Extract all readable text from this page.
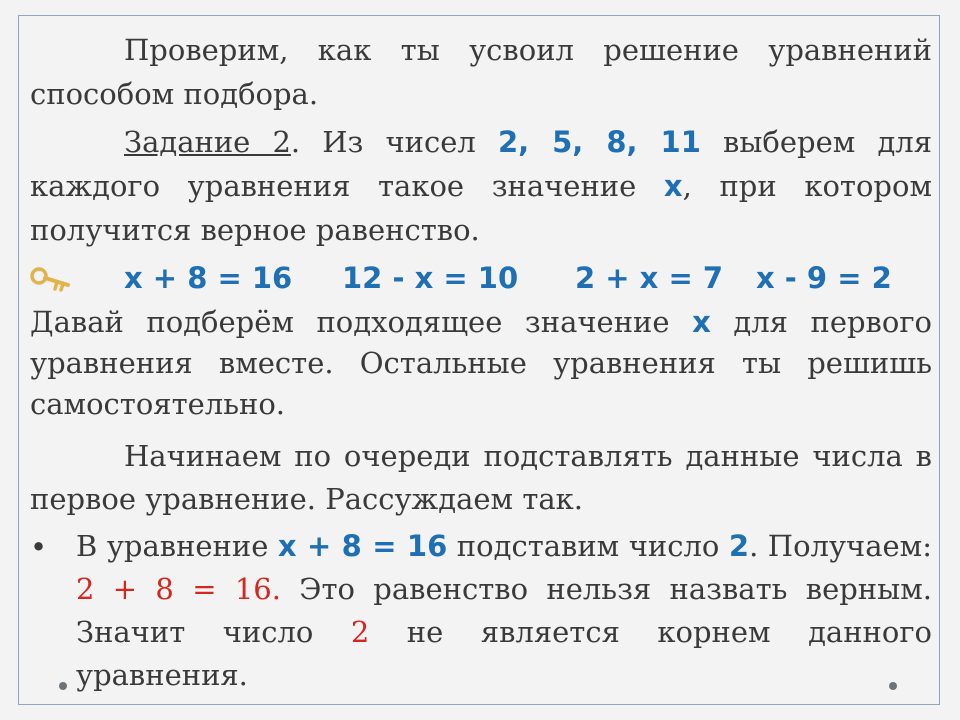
Проверим, как ты усвоил решение уравнений способом подбора.

Задание 2. Из чисел 2, 5, 8, 11 выберем для каждого уравнения такое значение x, при котором получится верное равенство.

x + 8 = 16 12 - x = 10 2 + x = 7 x - 9 = 2

Давай подберём подходящее значение x для первого уравнения вместе. Остальные уравнения ты решишь самостоятельно.

Начинаем по очереди подставлять данные числа в первое уравнение. Рассуждаем так.

• В уравнение x + 8 = 16 подставим число 2. Получаем: 2 + 8 = 16. Это равенство нельзя назвать верным. Значит число 2 не является корнем данного уравнения.
